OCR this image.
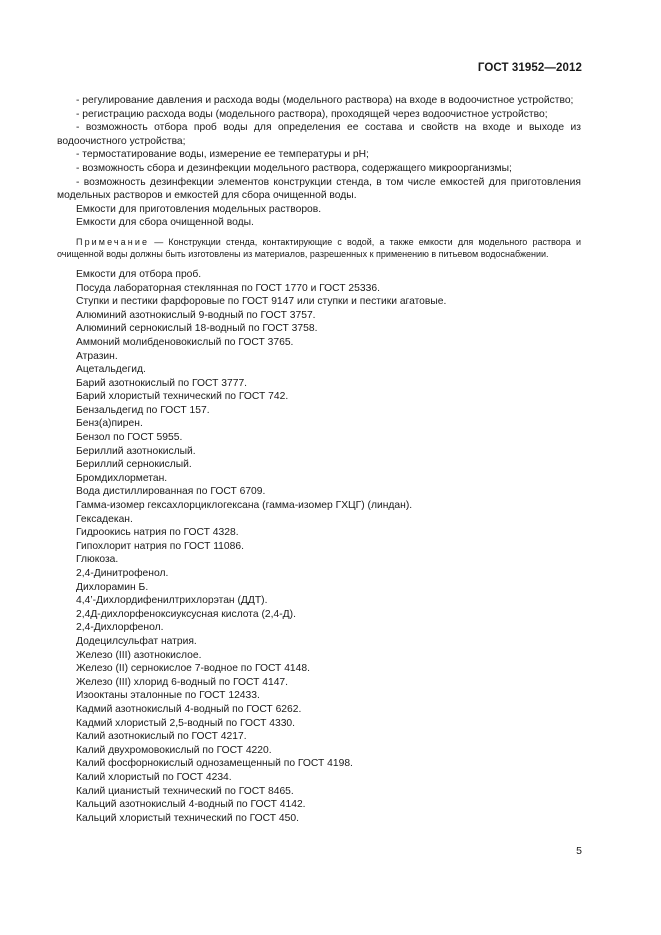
ГОСТ 31952—2012

- регулирование давления и расхода воды (модельного раствора) на входе в водоочистное устройство;

- регистрацию расхода воды (модельного раствора), проходящей через водоочистное устройство;

- возможность отбора проб воды для определения ее состава и свойств на входе и выходе из водоочистного устройства;

- термостатирование воды, измерение ее температуры и pH;

- возможность сбора и дезинфекции модельного раствора, содержащего микроорганизмы;

- возможность дезинфекции элементов конструкции стенда, в том числе емкостей для приготовления модельных растворов и емкостей для сбора очищенной воды.

Емкости для приготовления модельных растворов.

Емкости для сбора очищенной воды.

Примечание — Конструкции стенда, контактирующие с водой, а также емкости для модельного раствора и очищенной воды должны быть изготовлены из материалов, разрешенных к применению в питьевом водоснабжении.

Емкости для отбора проб.

Посуда лабораторная стеклянная по ГОСТ 1770 и ГОСТ 25336.

Ступки и пестики фарфоровые по ГОСТ 9147 или ступки и пестики агатовые.

Алюминий азотнокислый 9-водный по ГОСТ 3757.

Алюминий сернокислый 18-водный по ГОСТ 3758.

Аммоний молибденовокислый по ГОСТ 3765.

Атразин.

Ацетальдегид.

Барий азотнокислый по ГОСТ 3777.

Барий хлористый технический по ГОСТ 742.

Бензальдегид по ГОСТ 157.

Бенз(а)пирен.

Бензол по ГОСТ 5955.

Бериллий азотнокислый.

Бериллий сернокислый.

Бромдихлорметан.

Вода дистиллированная по ГОСТ 6709.

Гамма-изомер гексахлорциклогексана (гамма-изомер ГХЦГ) (линдан).

Гексадекан.

Гидроокись натрия по ГОСТ 4328.

Гипохлорит натрия по ГОСТ 11086.

Глюкоза.

2,4-Динитрофенол.

Дихлорамин Б.

4,4’-Дихлордифенилтрихлорэтан (ДДТ).

2,4Д-дихлорфеноксиуксусная кислота (2,4-Д).

2,4-Дихлорфенол.

Додецилсульфат натрия.

Железо (III) азотнокислое.

Железо (II) сернокислое 7-водное по ГОСТ 4148.

Железо (III) хлорид 6-водный по ГОСТ 4147.

Изооктаны эталонные по ГОСТ 12433.

Кадмий азотнокислый 4-водный по ГОСТ 6262.

Кадмий хлористый 2,5-водный по ГОСТ 4330.

Калий азотнокислый по ГОСТ 4217.

Калий двухромовокислый по ГОСТ 4220.

Калий фосфорнокислый однозамещенный по ГОСТ 4198.

Калий хлористый по ГОСТ 4234.

Калий цианистый технический по ГОСТ 8465.

Кальций азотнокислый 4-водный по ГОСТ 4142.

Кальций хлористый технический по ГОСТ 450.

5
